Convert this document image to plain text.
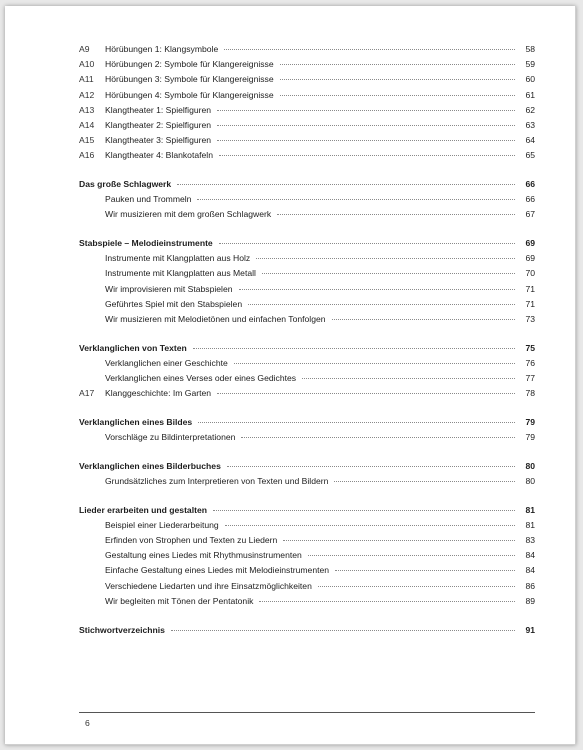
A9	Hörübungen 1: Klangsymbole	58
A10	Hörübungen 2: Symbole für Klangereignisse	59
A11	Hörübungen 3: Symbole für Klangereignisse	60
A12	Hörübungen 4: Symbole für Klangereignisse	61
A13	Klangtheater 1: Spielfiguren	62
A14	Klangtheater 2: Spielfiguren	63
A15	Klangtheater 3: Spielfiguren	64
A16	Klangtheater 4: Blankotafeln	65
Das große Schlagwerk	66
Pauken und Trommeln	66
Wir musizieren mit dem großen Schlagwerk	67
Stabspiele – Melodieinstrumente	69
Instrumente mit Klangplatten aus Holz	69
Instrumente mit Klangplatten aus Metall	70
Wir improvisieren mit Stabspielen	71
Geführtes Spiel mit den Stabspielen	71
Wir musizieren mit Melodietönen und einfachen Tonfolgen	73
Verklanglichen von Texten	75
Verklanglichen einer Geschichte	76
Verklanglichen eines Verses oder eines Gedichtes	77
A17	Klanggeschichte: Im Garten	78
Verklanglichen eines Bildes	79
Vorschläge zu Bildinterpretationen	79
Verklanglichen eines Bilderbuches	80
Grundsätzliches zum Interpretieren von Texten und Bildern	80
Lieder erarbeiten und gestalten	81
Beispiel einer Liederarbeitung	81
Erfinden von Strophen und Texten zu Liedern	83
Gestaltung eines Liedes mit Rhythmusinstrumenten	84
Einfache Gestaltung eines Liedes mit Melodieinstrumenten	84
Verschiedene Liedarten und ihre Einsatzmöglichkeiten	86
Wir begleiten mit Tönen der Pentatonik	89
Stichwortverzeichnis	91
6
